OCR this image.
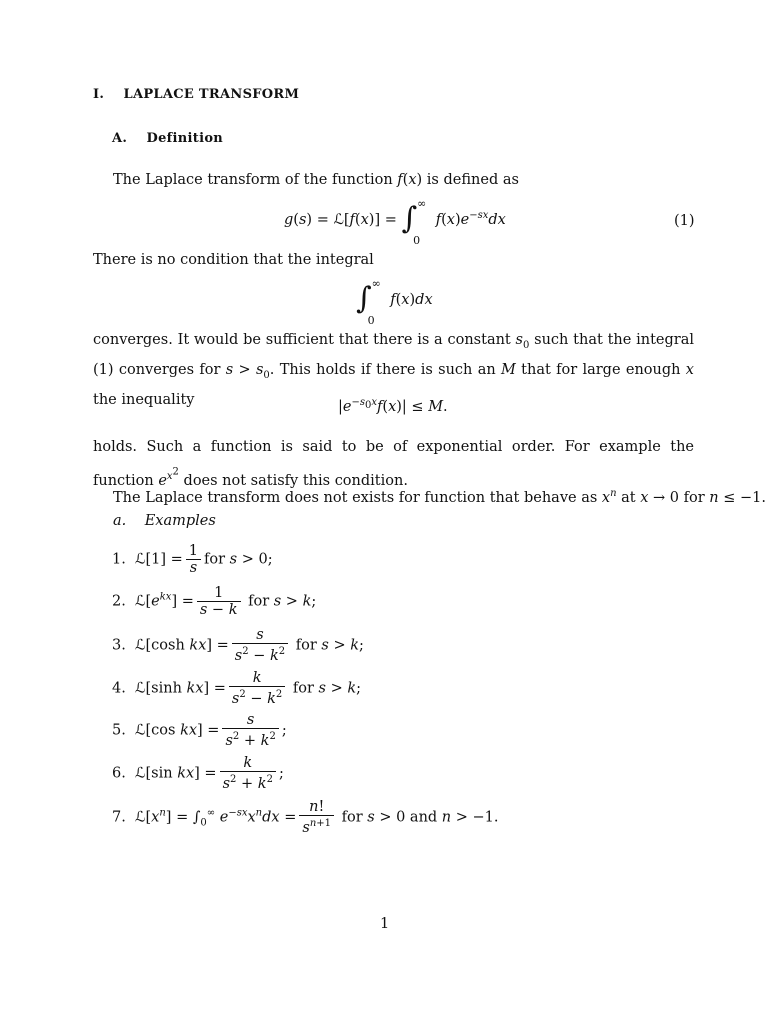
I.    LAPLACE TRANSFORM
A.    Definition
The Laplace transform of the function f(x) is defined as
g(s) = ℒ[f(x)] = ∫ ∞
0
$f(x)e^{-sx}dx$	(1)
There is no condition that the integral
∫ ∞
0
f(x)dx
converges. It would be sufficient that there is a constant $s_0$ such that the integral (1) converges for $s > s_0$. This holds if there is such an M that for large enough x the inequality	$|e^{-s_0x}f(x)| \le M$.
holds. Such a function is said to be of exponential order. For example the function $e^{x^2}$ does not satisfy this condition.
The Laplace transform does not exists for function that behave as $x^n$ at x → 0 for n ≤ −1.
a. Examples
1.  ℒ[1] = $\frac{1}{s}$ for s > 0;
2.  $ℒ[e^{kx}] = \frac{1}{s - k}$ for s > k;
3.  ℒ[cosh $kx] = \frac{s}{s^2 - k^2}$ for s > k;
4.  ℒ[sinh $kx] = \frac{k}{s^2 - k^2}$ for s > k;
5.  ℒ[cos $kx] = \frac{s}{s^2 + k^2}$ ;
6.  ℒ[sin $kx] = \frac{k}{s^2 + k^2}$ ;
7.  $ℒ[x^n] = \int_0^\infty$ $e^{-sx}x^ndx = \frac{n!}{s^{n+1}}$ for s > 0 and n > −1.
1
